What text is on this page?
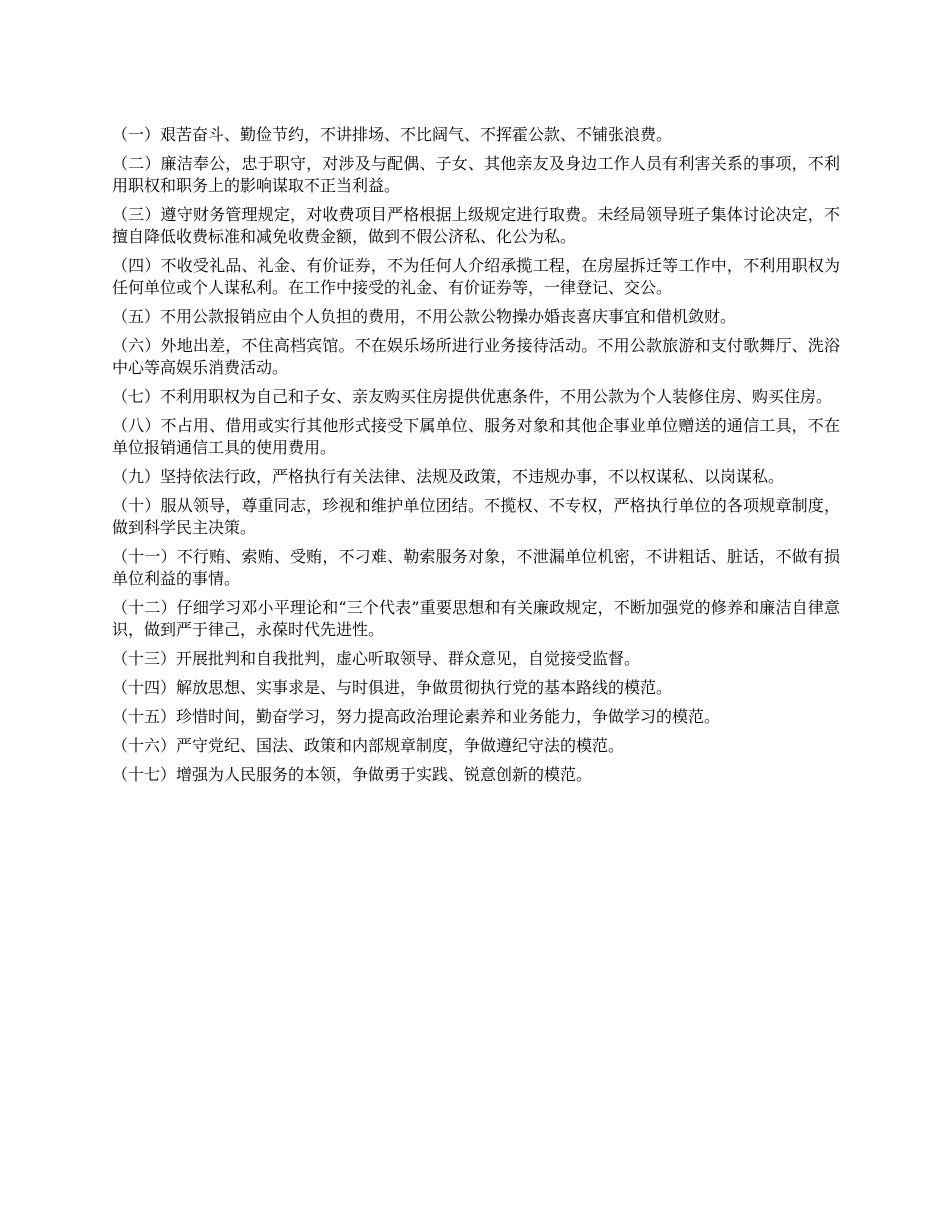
（一）艰苦奋斗、勤俭节约，不讲排场、不比阔气、不挥霍公款、不铺张浪费。

（二）廉洁奉公，忠于职守，对涉及与配偶、子女、其他亲友及身边工作人员有利害关系的事项，不利用职权和职务上的影响谋取不正当利益。

（三）遵守财务管理规定，对收费项目严格根据上级规定进行取费。未经局领导班子集体讨论决定，不擅自降低收费标准和减免收费金额，做到不假公济私、化公为私。

（四）不收受礼品、礼金、有价证券，不为任何人介绍承揽工程，在房屋拆迁等工作中，不利用职权为任何单位或个人谋私利。在工作中接受的礼金、有价证券等，一律登记、交公。

（五）不用公款报销应由个人负担的费用，不用公款公物操办婚丧喜庆事宜和借机敛财。

（六）外地出差，不住高档宾馆。不在娱乐场所进行业务接待活动。不用公款旅游和支付歌舞厅、洗浴中心等高娱乐消费活动。

（七）不利用职权为自己和子女、亲友购买住房提供优惠条件，不用公款为个人装修住房、购买住房。

（八）不占用、借用或实行其他形式接受下属单位、服务对象和其他企事业单位赠送的通信工具，不在单位报销通信工具的使用费用。

（九）坚持依法行政，严格执行有关法律、法规及政策，不违规办事，不以权谋私、以岗谋私。

（十）服从领导，尊重同志，珍视和维护单位团结。不揽权、不专权，严格执行单位的各项规章制度，做到科学民主决策。

（十一）不行贿、索贿、受贿，不刁难、勒索服务对象，不泄漏单位机密，不讲粗话、脏话，不做有损单位利益的事情。

（十二）仔细学习邓小平理论和“三个代表”重要思想和有关廉政规定，不断加强党的修养和廉洁自律意识，做到严于律己，永葆时代先进性。

（十三）开展批判和自我批判，虚心听取领导、群众意见，自觉接受监督。

（十四）解放思想、实事求是、与时俱进，争做贯彻执行党的基本路线的模范。

（十五）珍惜时间，勤奋学习，努力提高政治理论素养和业务能力，争做学习的模范。

（十六）严守党纪、国法、政策和内部规章制度，争做遵纪守法的模范。

（十七）增强为人民服务的本领，争做勇于实践、锐意创新的模范。
